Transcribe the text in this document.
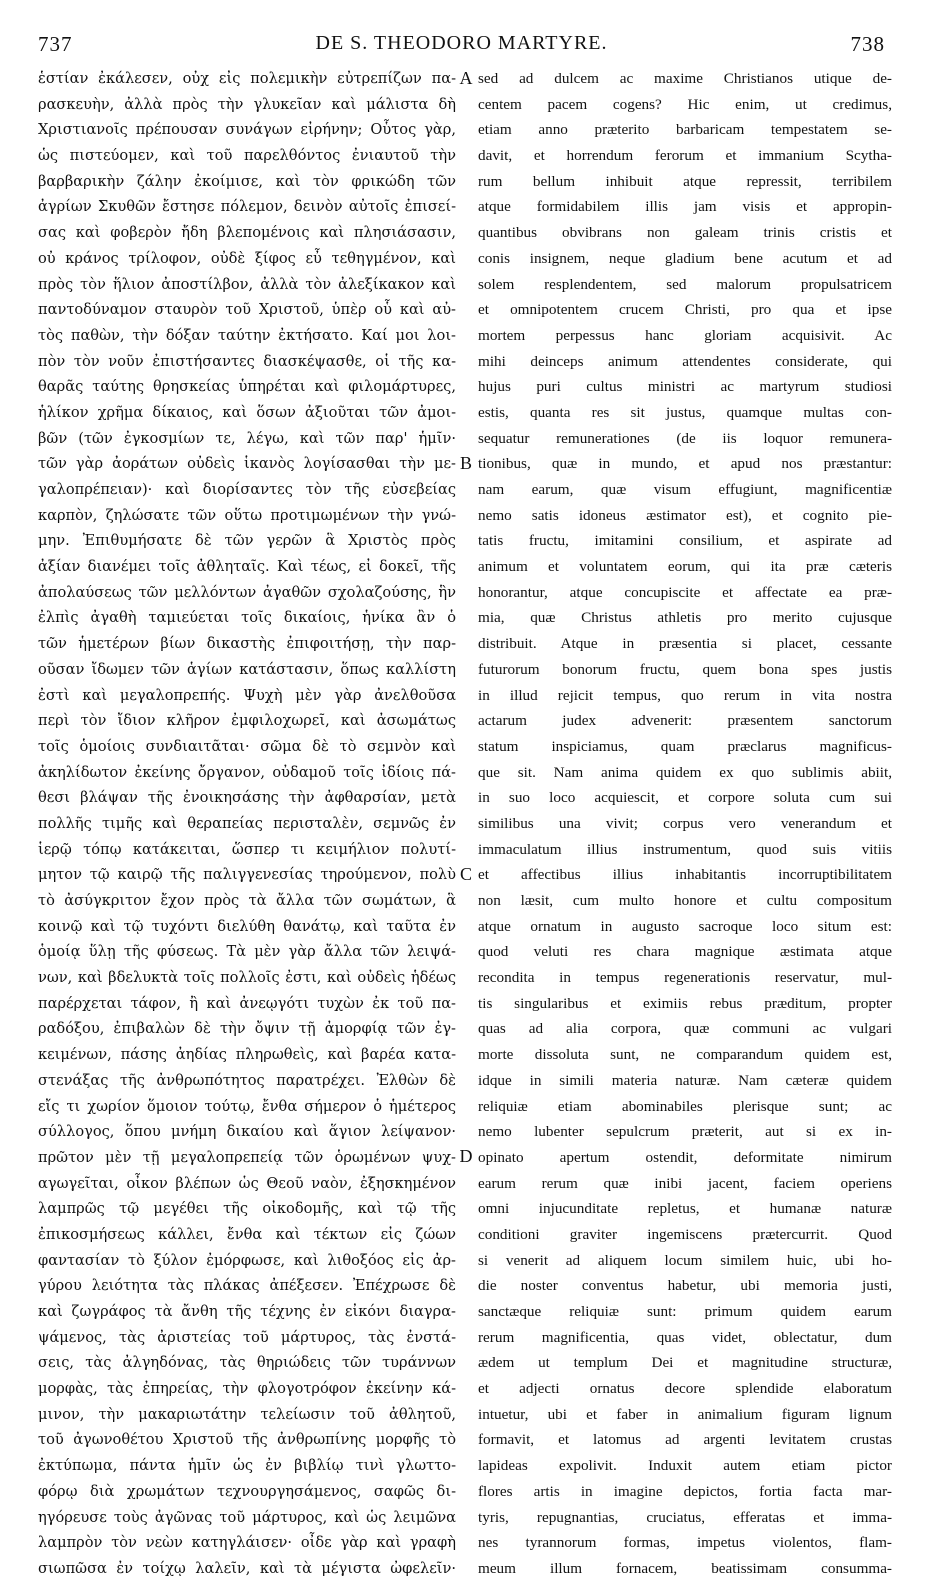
737	DE S. THEODORO MARTYRE.	738
ἑστίαν ἐκάλεσεν, οὐχ εἰς πολεμικὴν εὐτρεπίζων πα-
ρασκευὴν, ἀλλὰ πρὸς τὴν γλυκεῖαν καὶ μάλιστα δὴ
Χριστιανοῖς πρέπουσαν συνάγων εἰρήνην; Οὗτος γὰρ,
ὡς πιστεύομεν, καὶ τοῦ παρελθόντος ἐνιαυτοῦ τὴν
βαρβαρικὴν ζάλην ἐκοίμισε, καὶ τὸν φρικώδη τῶν
ἀγρίων Σκυθῶν ἔστησε πόλεμον, δεινὸν αὐτοῖς ἐπισεί-
σας καὶ φοβερὸν ἤδη βλεπομένοις καὶ πλησιάσασιν,
οὐ κράνος τρίλοφον, οὐδὲ ξίφος εὖ τεθηγμένον, καὶ
πρὸς τὸν ἥλιον ἀποστίλβον, ἀλλὰ τὸν ἀλεξίκακον καὶ
παντοδύναμον σταυρὸν τοῦ Χριστοῦ, ὑπὲρ οὗ καὶ αὐ-
τὸς παθὼν, τὴν δόξαν ταύτην ἐκτήσατο. Καί μοι λοι-
πὸν τὸν νοῦν ἐπιστήσαντες διασκέψασθε, οἱ τῆς κα-
θαρᾶς ταύτης θρησκείας ὑπηρέται καὶ φιλομάρτυρες,
ἡλίκον χρῆμα δίκαιος, καὶ ὅσων ἀξιοῦται τῶν ἀμοι-
βῶν (τῶν ἐγκοσμίων τε, λέγω, καὶ τῶν παρ' ἡμῖν·
τῶν γὰρ ἀοράτων οὐδεὶς ἱκανὸς λογίσασθαι τὴν με-
γαλοπρέπειαν)· καὶ διορίσαντες τὸν τῆς εὐσεβείας
καρπὸν, ζηλώσατε τῶν οὕτω προτιμωμένων τὴν γνώ-
μην. Ἐπιθυμήσατε δὲ τῶν γερῶν ἃ Χριστὸς πρὸς
ἀξίαν διανέμει τοῖς ἀθληταῖς. Καὶ τέως, εἰ δοκεῖ, τῆς
ἀπολαύσεως τῶν μελλόντων ἀγαθῶν σχολαζούσης, ἣν
ἐλπὶς ἀγαθὴ ταμιεύεται τοῖς δικαίοις, ἡνίκα ἂν ὁ
τῶν ἡμετέρων βίων δικαστὴς ἐπιφοιτήσῃ, τὴν παρ-
οῦσαν ἴδωμεν τῶν ἁγίων κατάστασιν, ὅπως καλλίστη
ἐστὶ καὶ μεγαλοπρεπής. Ψυχὴ μὲν γὰρ ἀνελθοῦσα
περὶ τὸν ἴδιον κλῆρον ἐμφιλοχωρεῖ, καὶ ἀσωμάτως
τοῖς ὁμοίοις συνδιαιτᾶται· σῶμα δὲ τὸ σεμνὸν καὶ
ἀκηλίδωτον ἐκείνης ὄργανον, οὐδαμοῦ τοῖς ἰδίοις πά-
θεσι βλάψαν τῆς ἐνοικησάσης τὴν ἀφθαρσίαν, μετὰ
πολλῆς τιμῆς καὶ θεραπείας περισταλὲν, σεμνῶς ἐν
ἱερῷ τόπῳ κατάκειται, ὥσπερ τι κειμήλιον πολυτί-
μητον τῷ καιρῷ τῆς παλιγγενεσίας τηρούμενον, πολὺ
τὸ ἀσύγκριτον ἔχον πρὸς τὰ ἄλλα τῶν σωμάτων, ἃ
κοινῷ καὶ τῷ τυχόντι διελύθη θανάτῳ, καὶ ταῦτα ἐν
ὁμοίᾳ ὕλῃ τῆς φύσεως. Τὰ μὲν γὰρ ἄλλα τῶν λειψά-
νων, καὶ βδελυκτὰ τοῖς πολλοῖς ἐστι, καὶ οὐδεὶς ἡδέως
παρέρχεται τάφον, ἢ καὶ ἀνεῳγότι τυχὼν ἐκ τοῦ πα-
ραδόξου, ἐπιβαλὼν δὲ τὴν ὄψιν τῇ ἀμορφίᾳ τῶν ἐγ-
κειμένων, πάσης ἀηδίας πληρωθεὶς, καὶ βαρέα κατα-
στενάξας τῆς ἀνθρωπότητος παρατρέχει. Ἐλθὼν δὲ
εἴς τι χωρίον ὅμοιον τούτῳ, ἔνθα σήμερον ὁ ἡμέτερος
σύλλογος, ὅπου μνήμη δικαίου καὶ ἅγιον λείψανον·
πρῶτον μὲν τῇ μεγαλοπρεπείᾳ τῶν ὁρωμένων ψυχ-
αγωγεῖται, οἶκον βλέπων ὡς Θεοῦ ναὸν, ἐξησκημένον
λαμπρῶς τῷ μεγέθει τῆς οἰκοδομῆς, καὶ τῷ τῆς
ἐπικοσμήσεως κάλλει, ἔνθα καὶ τέκτων εἰς ζώων
φαντασίαν τὸ ξύλον ἐμόρφωσε, καὶ λιθοξόος εἰς ἀρ-
γύρου λειότητα τὰς πλάκας ἀπέξεσεν. Ἐπέχρωσε δὲ
καὶ ζωγράφος τὰ ἄνθη τῆς τέχνης ἐν εἰκόνι διαγρα-
ψάμενος, τὰς ἀριστείας τοῦ μάρτυρος, τὰς ἐνστά-
σεις, τὰς ἀλγηδόνας, τὰς θηριώδεις τῶν τυράννων
μορφὰς, τὰς ἐπηρείας, τὴν φλογοτρόφον ἐκείνην κά-
μινον, τὴν μακαριωτάτην τελείωσιν τοῦ ἀθλητοῦ,
τοῦ ἀγωνοθέτου Χριστοῦ τῆς ἀνθρωπίνης μορφῆς τὸ
ἐκτύπωμα, πάντα ἡμῖν ὡς ἐν βιβλίῳ τινὶ γλωττο-
φόρῳ διὰ χρωμάτων τεχνουργησάμενος, σαφῶς δι-
ηγόρευσε τοὺς ἀγῶνας τοῦ μάρτυρος, καὶ ὡς λειμῶνα
λαμπρὸν τὸν νεὼν κατηγλάισεν· οἶδε γὰρ καὶ γραφὴ
σιωπῶσα ἐν τοίχῳ λαλεῖν, καὶ τὰ μέγιστα ὠφελεῖν·
sed ad dulcem ac maxime Christianos utique de-
centem pacem cogens? Hic enim, ut credimus,
etiam anno præterito barbaricam tempestatem se-
davit, et horrendum ferorum et immanium Scytha-
rum bellum inhibuit atque repressit, terribilem
atque formidabilem illis jam visis et appropin-
quantibus obvibrans non galeam trinis cristis et
conis insignem, neque gladium bene acutum et ad
solem resplendentem, sed malorum propulsatricem
et omnipotentem crucem Christi, pro qua et ipse
mortem perpessus hanc gloriam acquisivit. Ac
mihi deinceps animum attendentes considerate, qui
hujus puri cultus ministri ac martyrum studiosi
estis, quanta res sit justus, quamque multas con-
sequatur remunerationes (de iis loquor remunera-
tionibus, quæ in mundo, et apud nos præstantur:
nam earum, quæ visum effugiunt, magnificentiæ
nemo satis idoneus æstimator est), et cognito pie-
tatis fructu, imitamini consilium, et aspirate ad
animum et voluntatem eorum, qui ita præ cæteris
honorantur, atque concupiscite et affectate ea præ-
mia, quæ Christus athletis pro merito cujusque
distribuit. Atque in præsentia si placet, cessante
futurorum bonorum fructu, quem bona spes justis
in illud rejicit tempus, quo rerum in vita nostra
actarum judex advenerit: præsentem sanctorum
statum inspiciamus, quam præclarus magnificus-
que sit. Nam anima quidem ex quo sublimis abiit,
in suo loco acquiescit, et corpore soluta cum sui
similibus una vivit; corpus vero venerandum et
immaculatum illius instrumentum, quod suis vitiis
et affectibus illius inhabitantis incorruptibilitatem
non læsit, cum multo honore et cultu compositum
atque ornatum in augusto sacroque loco situm est:
quod veluti res chara magnique æstimata atque
recondita in tempus regenerationis reservatur, mul-
tis singularibus et eximiis rebus præditum, propter
quas ad alia corpora, quæ communi ac vulgari
morte dissoluta sunt, ne comparandum quidem est,
idque in simili materia naturæ. Nam cæteræ quidem
reliquiæ etiam abominabiles plerisque sunt; ac
nemo lubenter sepulcrum præterit, aut si ex in-
opinato apertum ostendit, deformitate nimirum
earum rerum quæ inibi jacent, faciem operiens
omni injucunditate repletus, et humanæ naturæ
conditioni graviter ingemiscens prætercurrit. Quod
si venerit ad aliquem locum similem huic, ubi ho-
die noster conventus habetur, ubi memoria justi,
sanctæque reliquiæ sunt: primum quidem earum
rerum magnificentia, quas videt, oblectatur, dum
ædem ut templum Dei et magnitudine structuræ,
et adjecti ornatus decore splendide elaboratum
intuetur, ubi et faber in animalium figuram lignum
formavit, et latomus ad argenti levitatem crustas
lapideas expolivit. Induxit autem etiam pictor
flores artis in imagine depictos, fortia facta mar-
tyris, repugnantias, cruciatus, efferatas et imma-
nes tyrannorum formas, impetus violentos, flam-
meum illum fornacem, beatissimam consumma-
A
B
C
D
